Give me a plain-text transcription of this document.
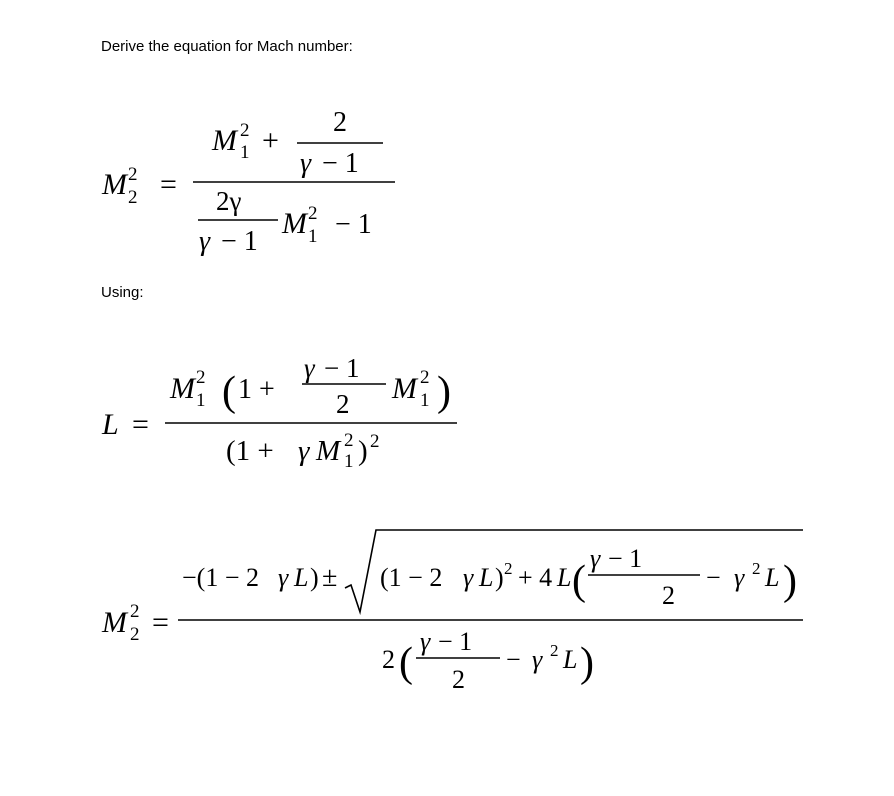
Derive the equation for Mach number:
Using:
M 2
2 =
M 2
1 +
2
γ − 1
2γ
γ − 1
M 2
1 − 1
L =
M 2
1 ( 1 +
γ − 1
2 M 2
1 )
(1 + γ M 2
1 ) 2
M 2
2 =
−(1 − 2 γ L ) ± (1 − 2 γ L ) 2 + 4 L ( γ − 1
2
− γ 2 L )
2 ( γ − 1
2
− γ 2 L )
